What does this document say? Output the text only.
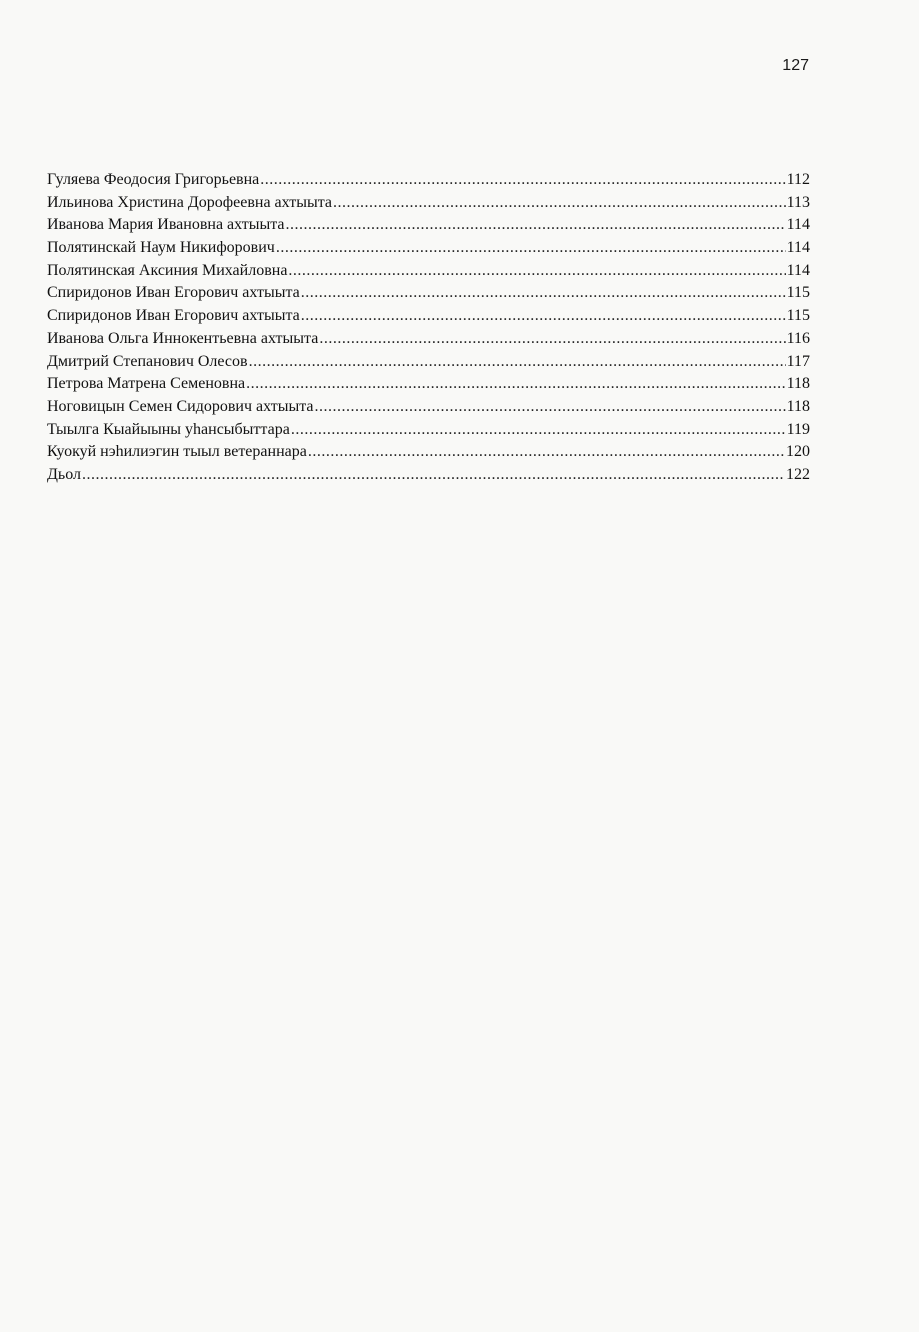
127
Гуляева Феодосия Григорьевна .....	112
Ильинова Христина Дорофеевна ахтыыта .....	113
Иванова Мария Ивановна ахтыыта .....	114
Полятинскай Наум Никифорович .....	114
Полятинская Аксиния Михайловна .....	114
Спиридонов Иван Егорович ахтыыта .....	115
Спиридонов Иван Егорович ахтыыта .....	115
Иванова Ольга Иннокентьевна ахтыыта .....	116
Дмитрий Степанович Олесов .....	117
Петрова Матрена Семеновна .....	118
Ноговицын Семен Сидорович ахтыыта .....	118
Тыылга Кыайыыны уһансыбыттара .....	119
Куокуй нэһилиэгин тыыл ветераннара .....	120
Дьол .....	122
